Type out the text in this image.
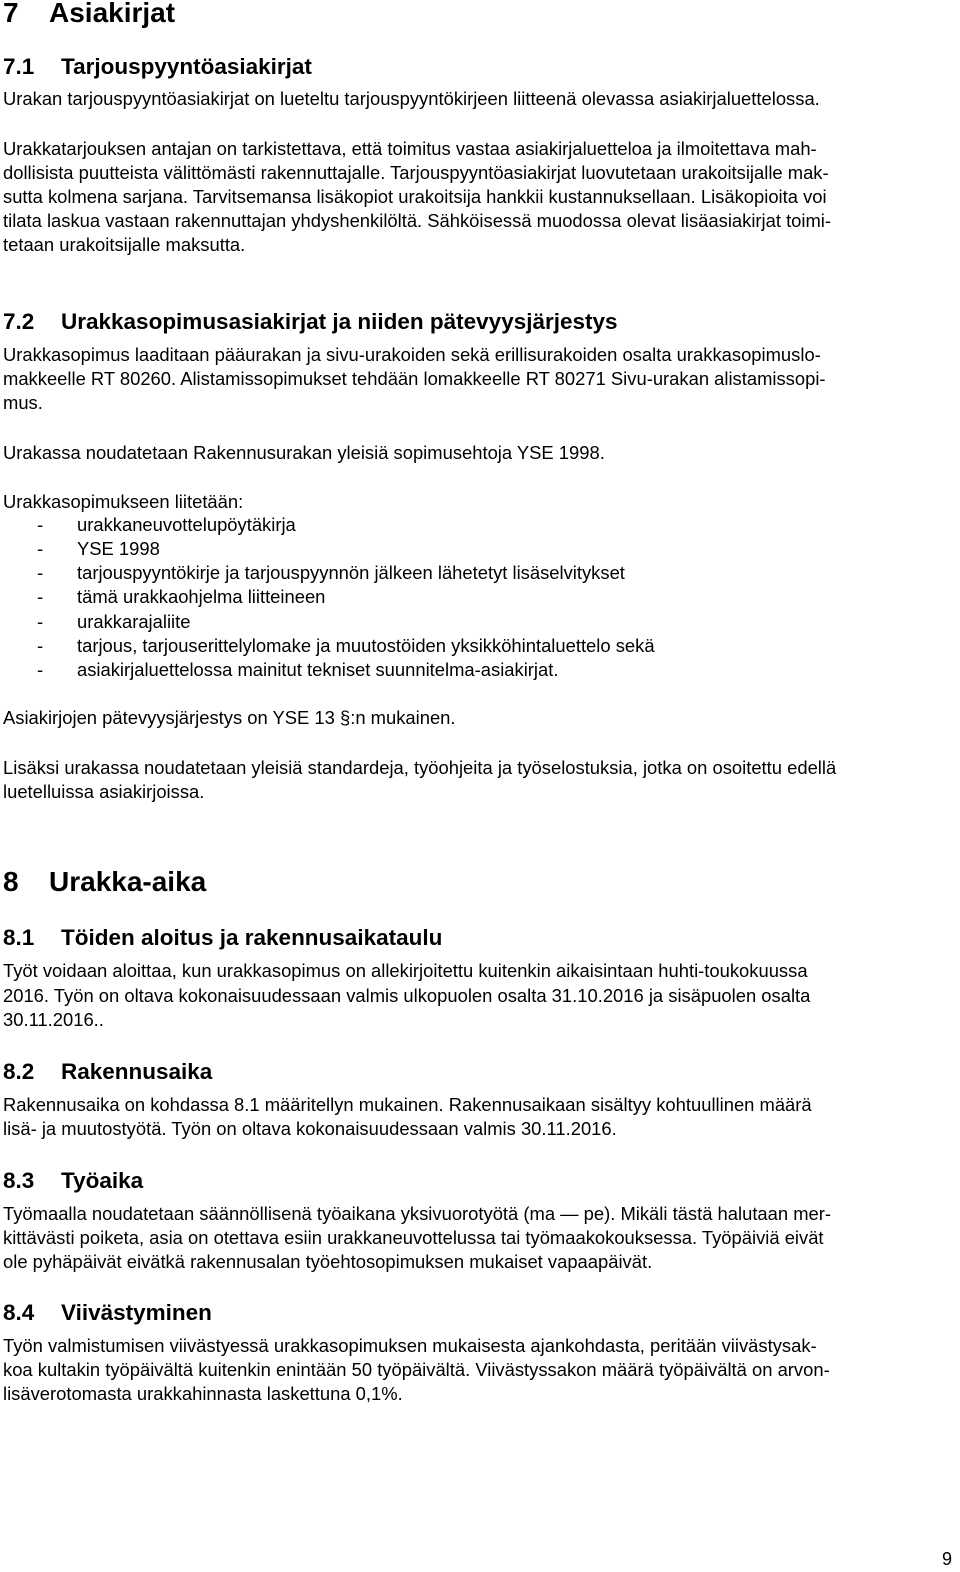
7 Asiakirjat
7.1 Tarjouspyyntöasiakirjat
Urakan tarjouspyyntöasiakirjat on lueteltu tarjouspyyntökirjeen liitteenä olevassa asiakirjaluettelossa.
Urakkatarjouksen antajan on tarkistettava, että toimitus vastaa asiakirjaluetteloa ja ilmoitettava mah-
dollisista puutteista välittömästi rakennuttajalle. Tarjouspyyntöasiakirjat luovutetaan urakoitsijalle mak-
sutta kolmena sarjana. Tarvitsemansa lisäkopiot urakoitsija hankkii kustannuksellaan. Lisäkopioita voi
tilata laskua vastaan rakennuttajan yhdyshenkilöltä. Sähköisessä muodossa olevat lisäasiakirjat toimi-
tetaan urakoitsijalle maksutta.
7.2 Urakkasopimusasiakirjat ja niiden pätevyysjärjestys
Urakkasopimus laaditaan pääurakan ja sivu-urakoiden sekä erillisurakoiden osalta urakkasopimuslo-
makkeelle RT 80260. Alistamissopimukset tehdään lomakkeelle RT 80271 Sivu-urakan alistamissopi-
mus.
Urakassa noudatetaan Rakennusurakan yleisiä sopimusehtoja YSE 1998.
Urakkasopimukseen liitetään:
- urakkaneuvottelupöytäkirja
- YSE 1998
- tarjouspyyntökirje ja tarjouspyynnön jälkeen lähetetyt lisäselvitykset
- tämä urakkaohjelma liitteineen
- urakkarajaliite
- tarjous, tarjouserittelylomake ja muutostöiden yksikköhintaluettelo sekä
- asiakirjaluettelossa mainitut tekniset suunnitelma-asiakirjat.
Asiakirjojen pätevyysjärjestys on YSE 13 §:n mukainen.
Lisäksi urakassa noudatetaan yleisiä standardeja, työohjeita ja työselostuksia, jotka on osoitettu edellä
luetelluissa asiakirjoissa.
8 Urakka-aika
8.1 Töiden aloitus ja rakennusaikataulu
Työt voidaan aloittaa, kun urakkasopimus on allekirjoitettu kuitenkin aikaisintaan huhti-toukokuussa
2016. Työn on oltava kokonaisuudessaan valmis ulkopuolen osalta 31.10.2016 ja sisäpuolen osalta
30.11.2016..
8.2 Rakennusaika
Rakennusaika on kohdassa 8.1 määritellyn mukainen. Rakennusaikaan sisältyy kohtuullinen määrä
lisä- ja muutostyötä. Työn on oltava kokonaisuudessaan valmis 30.11.2016.
8.3 Työaika
Työmaalla noudatetaan säännöllisenä työaikana yksivuorotyötä (ma — pe). Mikäli tästä halutaan mer-
kittävästi poiketa, asia on otettava esiin urakkaneuvottelussa tai työmaakokouksessa. Työpäiviä eivät
ole pyhäpäivät eivätkä rakennusalan työehtosopimuksen mukaiset vapaapäivät.
8.4 Viivästyminen
Työn valmistumisen viivästyessä urakkasopimuksen mukaisesta ajankohdasta, peritään viivästysak-
koa kultakin työpäivältä kuitenkin enintään 50 työpäivältä. Viivästyssakon määrä työpäivältä on arvon-
lisäverotomasta urakkahinnasta laskettuna 0,1%.
9
